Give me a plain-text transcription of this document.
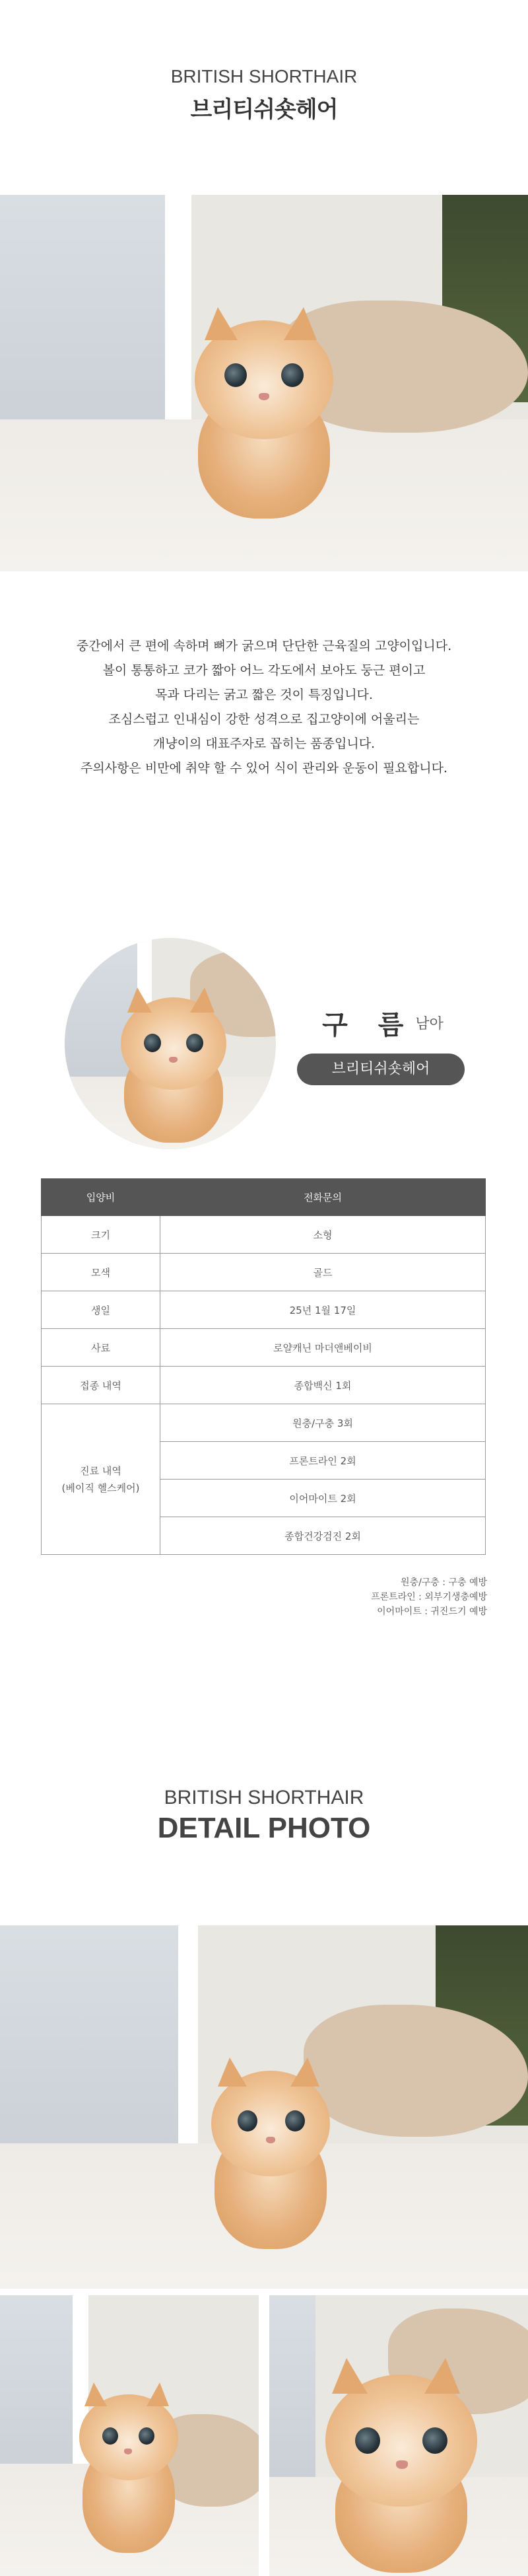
BRITISH SHORTHAIR
브리티쉬숏헤어

중간에서 큰 편에 속하며 뼈가 굵으며 단단한 근육질의 고양이입니다.

볼이 통통하고 코가 짧아 어느 각도에서 보아도 둥근 편이고

목과 다리는 굵고 짧은 것이 특징입니다.

조심스럽고 인내심이 강한 성격으로 집고양이에 어울리는

개냥이의 대표주자로 꼽히는 품종입니다.

주의사항은 비만에 취약 할 수 있어 식이 관리와 운동이 필요합니다.

구 름남아
브리티쉬숏헤어
입양비	전화문의
크기	소형
모색	골드
생일	25년 1월 17일
사료	로얄캐닌 마더앤베이비
접종 내역	종합백신 1회

진료 내역
(베이직 헬스케어)	원충/구충 3회
	프론트라인 2회
	이어마이트 2회
	종합건강검진 2회
원충/구충 : 구충 예방
프론트라인 : 외부기생충예방
이어마이트 : 귀진드기 예방
BRITISH SHORTHAIR
DETAIL PHOTO
